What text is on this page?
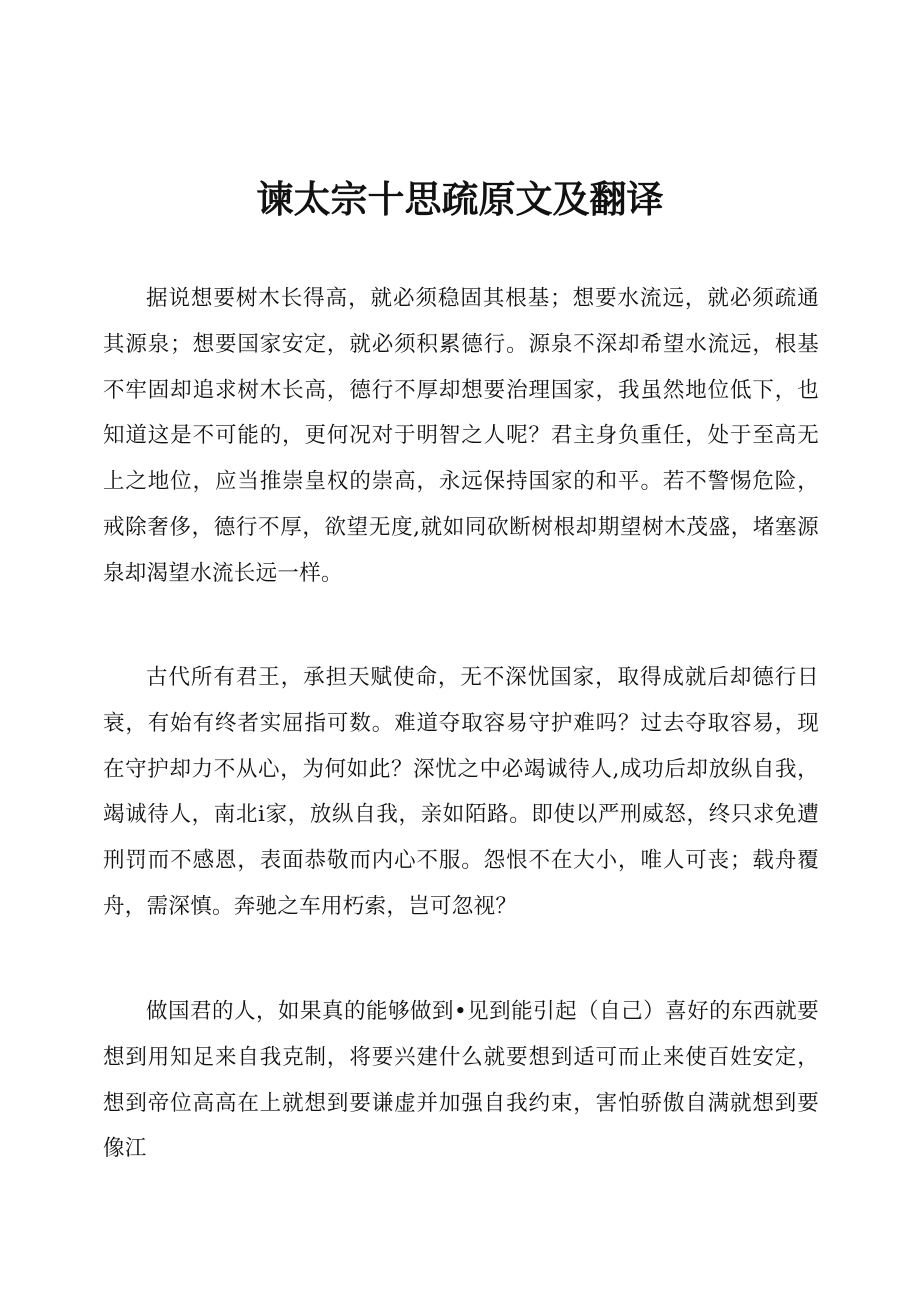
谏太宗十思疏原文及翻译

据说想要树木长得高，就必须稳固其根基；想要水流远，就必须疏通其源泉；想要国家安定，就必须积累德行。源泉不深却希望水流远，根基不牢固却追求树木长高，德行不厚却想要治理国家，我虽然地位低下，也知道这是不可能的，更何况对于明智之人呢？君主身负重任，处于至高无上之地位，应当推崇皇权的崇高，永远保持国家的和平。若不警惕危险，戒除奢侈，德行不厚，欲望无度,就如同砍断树根却期望树木茂盛，堵塞源泉却渴望水流长远一样。

古代所有君王，承担天赋使命，无不深忧国家，取得成就后却德行日衰，有始有终者实屈指可数。难道夺取容易守护难吗？过去夺取容易，现在守护却力不从心，为何如此？深忧之中必竭诚待人,成功后却放纵自我，竭诚待人，南北i家，放纵自我，亲如陌路。即使以严刑威怒，终只求免遭刑罚而不感恩，表面恭敬而内心不服。怨恨不在大小，唯人可丧；载舟覆舟，需深慎。奔驰之车用朽索，岂可忽视？

做国君的人，如果真的能够做到•见到能引起（自己）喜好的东西就要想到用知足来自我克制，将要兴建什么就要想到适可而止来使百姓安定，想到帝位高高在上就想到要谦虚并加强自我约束，害怕骄傲自满就想到要像江
